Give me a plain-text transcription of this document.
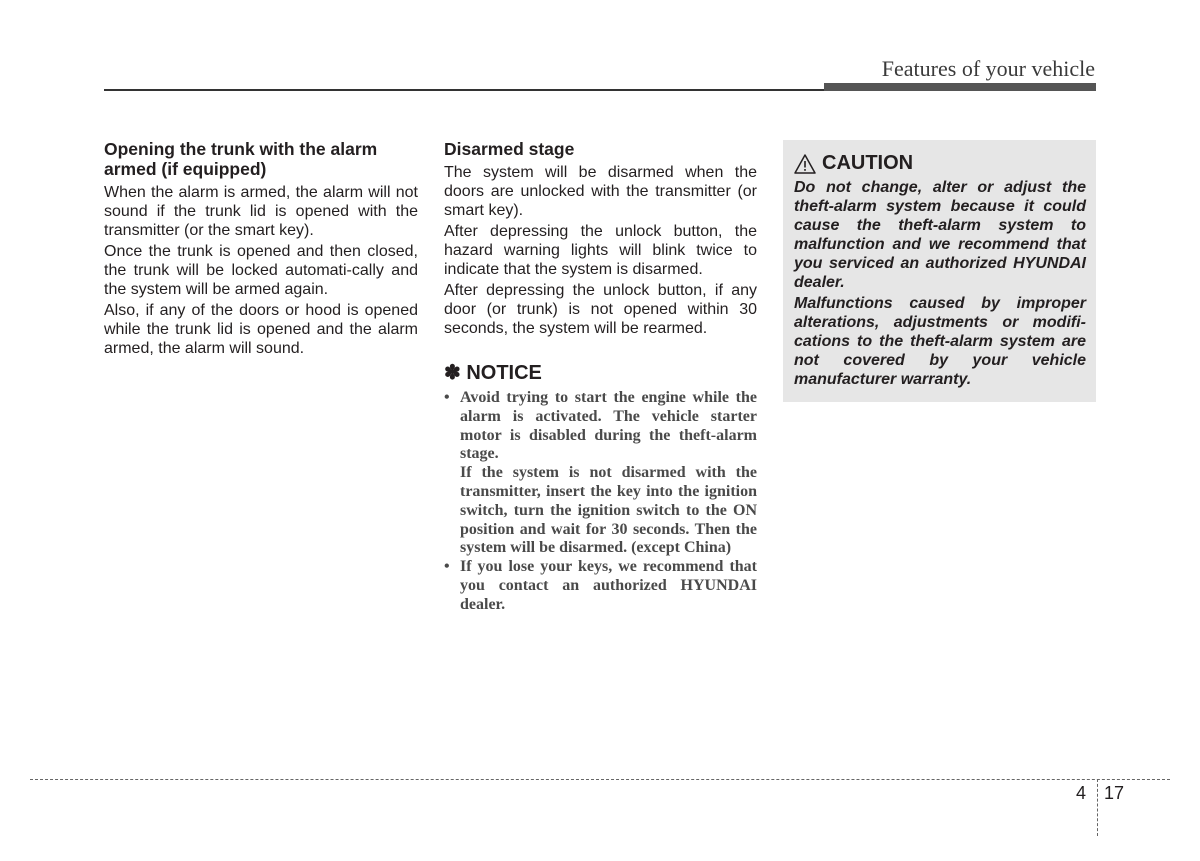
Features of your vehicle
Opening the trunk with the alarm armed (if equipped)

When the alarm is armed, the alarm will not sound if the trunk lid is opened with the transmitter (or the smart key).

Once the trunk is opened and then closed, the trunk will be locked automati-cally and the system will be armed again.

Also, if any of the doors or hood is opened while the trunk lid is opened and the alarm armed, the alarm will sound.

Disarmed stage

The system will be disarmed when the doors are unlocked with the transmitter (or smart key).

After depressing the unlock button, the hazard warning lights will blink twice to indicate that the system is disarmed.

After depressing the unlock button, if any door (or trunk) is not opened within 30 seconds, the system will be rearmed.

✽ NOTICE
• Avoid trying to start the engine while the alarm is activated. The vehicle starter motor is disabled during the theft-alarm stage.
If the system is not disarmed with the transmitter, insert the key into the ignition switch, turn the ignition switch to the ON position and wait for 30 seconds. Then the system will be disarmed. (except China)
• If you lose your keys, we recommend that you contact an authorized HYUNDAI dealer.
CAUTION

Do not change, alter or adjust the theft-alarm system because it could cause the theft-alarm system to malfunction and we recommend that you serviced an authorized HYUNDAI dealer.

Malfunctions caused by improper alterations, adjustments or modifi-cations to the theft-alarm system are not covered by your vehicle manufacturer warranty.

4 17
